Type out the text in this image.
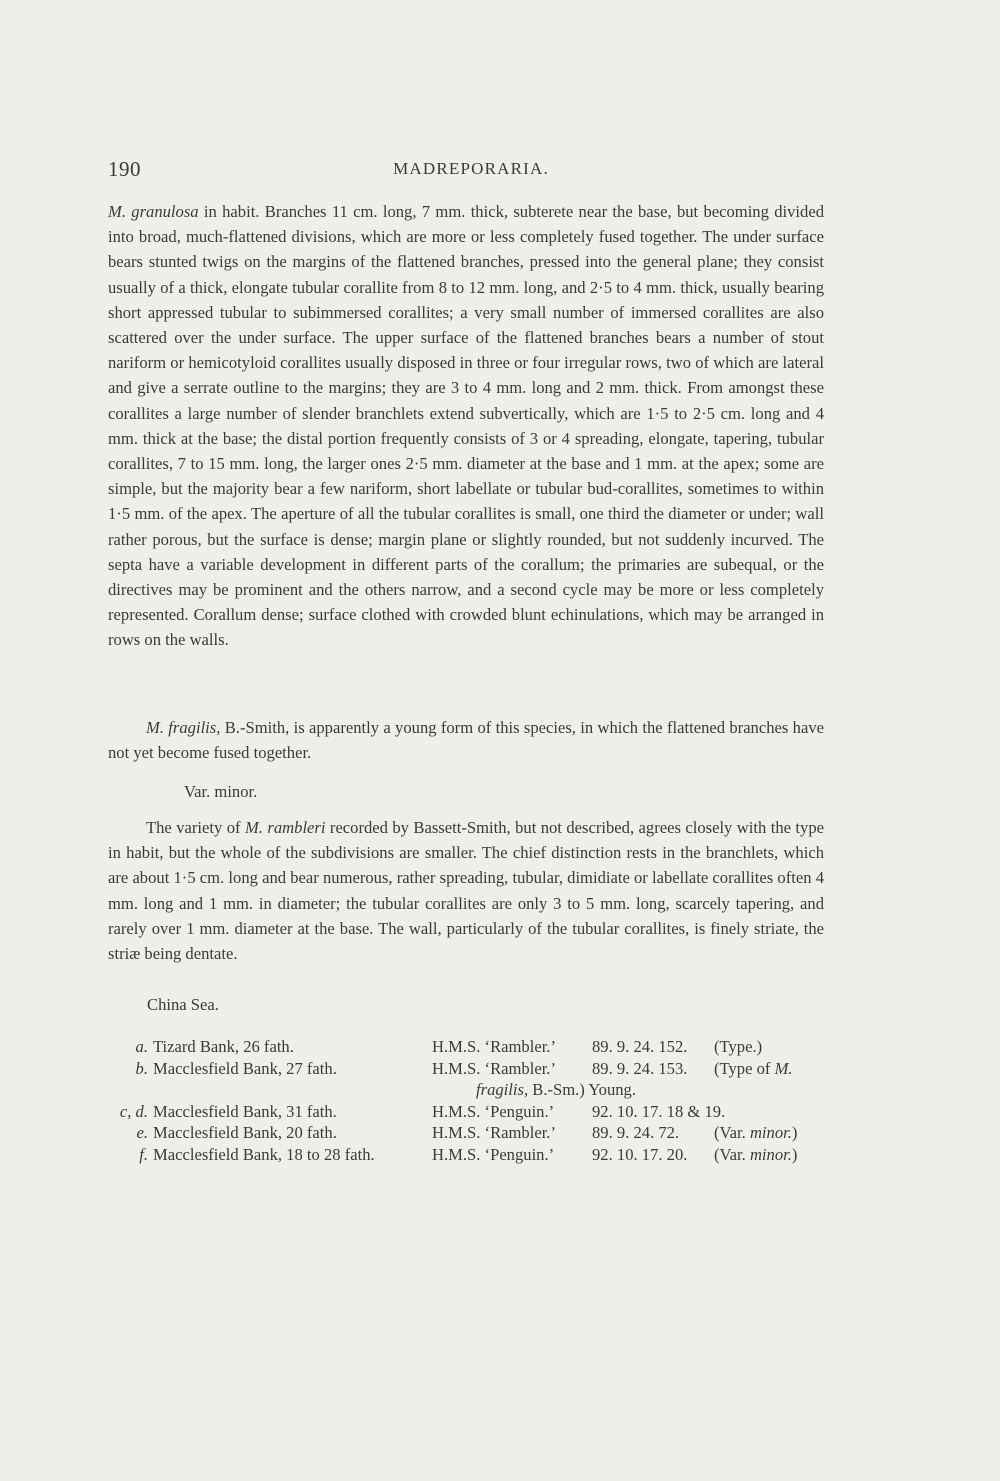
190	MADREPORARIA.

M. granulosa in habit. Branches 11 cm. long, 7 mm. thick, subterete near the base, but becoming divided into broad, much-flattened divisions, which are more or less completely fused together. The under surface bears stunted twigs on the margins of the flattened branches, pressed into the general plane; they consist usually of a thick, elongate tubular corallite from 8 to 12 mm. long, and 2·5 to 4 mm. thick, usually bearing short appressed tubular to subimmersed corallites; a very small number of immersed corallites are also scattered over the under surface. The upper surface of the flattened branches bears a number of stout nariform or hemicotyloid corallites usually disposed in three or four irregular rows, two of which are lateral and give a serrate outline to the margins; they are 3 to 4 mm. long and 2 mm. thick. From amongst these corallites a large number of slender branchlets extend subvertically, which are 1·5 to 2·5 cm. long and 4 mm. thick at the base; the distal portion frequently consists of 3 or 4 spreading, elongate, tapering, tubular corallites, 7 to 15 mm. long, the larger ones 2·5 mm. diameter at the base and 1 mm. at the apex; some are simple, but the majority bear a few nariform, short labellate or tubular bud-corallites, sometimes to within 1·5 mm. of the apex. The aperture of all the tubular corallites is small, one third the diameter or under; wall rather porous, but the surface is dense; margin plane or slightly rounded, but not suddenly incurved. The septa have a variable development in different parts of the corallum; the primaries are subequal, or the directives may be prominent and the others narrow, and a second cycle may be more or less completely represented. Corallum dense; surface clothed with crowded blunt echinulations, which may be arranged in rows on the walls.

M. fragilis, B.-Smith, is apparently a young form of this species, in which the flattened branches have not yet become fused together.

Var. minor.

The variety of M. rambleri recorded by Bassett-Smith, but not described, agrees closely with the type in habit, but the whole of the subdivisions are smaller. The chief distinction rests in the branchlets, which are about 1·5 cm. long and bear numerous, rather spreading, tubular, dimidiate or labellate corallites often 4 mm. long and 1 mm. in diameter; the tubular corallites are only 3 to 5 mm. long, scarcely tapering, and rarely over 1 mm. diameter at the base. The wall, particularly of the tubular corallites, is finely striate, the striæ being dentate.

China Sea.
a. Tizard Bank, 26 fath.	H.M.S. ‘Rambler.’ 89. 9. 24. 152. (Type.)
b. Macclesfield Bank, 27 fath.	H.M.S. ‘Rambler.’ 89. 9. 24. 153. (Type of M.
fragilis, B.-Sm.) Young.
c, d. Macclesfield Bank, 31 fath.	H.M.S. ‘Penguin.’ 92. 10. 17. 18 & 19.
e. Macclesfield Bank, 20 fath.	H.M.S. ‘Rambler.’ 89. 9. 24. 72. (Var. minor.)
f. Macclesfield Bank, 18 to 28 fath.	H.M.S. ‘Penguin.’ 92. 10. 17. 20. (Var. minor.)
